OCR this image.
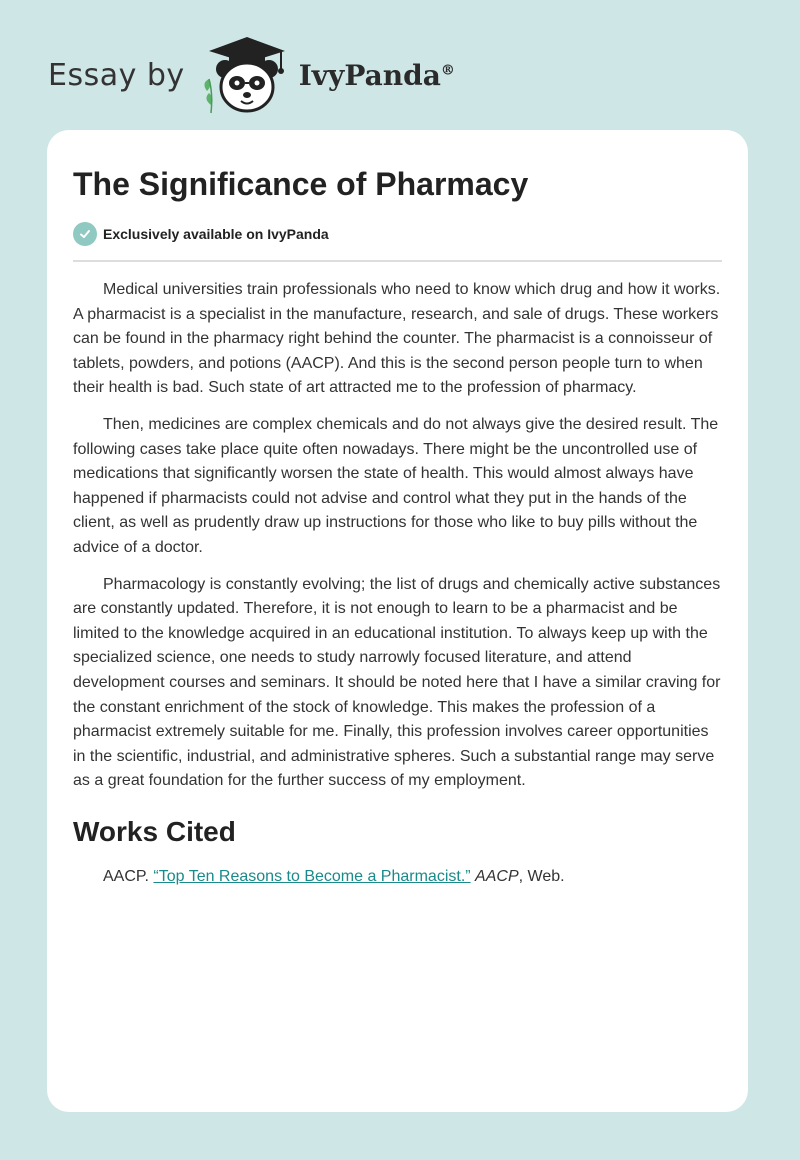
Essay by	IvyPanda®
The Significance of Pharmacy
Exclusively available on IvyPanda

Medical universities train professionals who need to know which drug and how it works. A pharmacist is a specialist in the manufacture, research, and sale of drugs. These workers can be found in the pharmacy right behind the counter. The pharmacist is a connoisseur of tablets, powders, and potions (AACP). And this is the second person people turn to when their health is bad. Such state of art attracted me to the profession of pharmacy.

Then, medicines are complex chemicals and do not always give the desired result. The following cases take place quite often nowadays. There might be the uncontrolled use of medications that significantly worsen the state of health. This would almost always have happened if pharmacists could not advise and control what they put in the hands of the client, as well as prudently draw up instructions for those who like to buy pills without the advice of a doctor.

Pharmacology is constantly evolving; the list of drugs and chemically active substances are constantly updated. Therefore, it is not enough to learn to be a pharmacist and be limited to the knowledge acquired in an educational institution. To always keep up with the specialized science, one needs to study narrowly focused literature, and attend development courses and seminars. It should be noted here that I have a similar craving for the constant enrichment of the stock of knowledge. This makes the profession of a pharmacist extremely suitable for me. Finally, this profession involves career opportunities in the scientific, industrial, and administrative spheres. Such a substantial range may serve as a great foundation for the further success of my employment.

Works Cited

AACP. “Top Ten Reasons to Become a Pharmacist.” AACP, Web.
